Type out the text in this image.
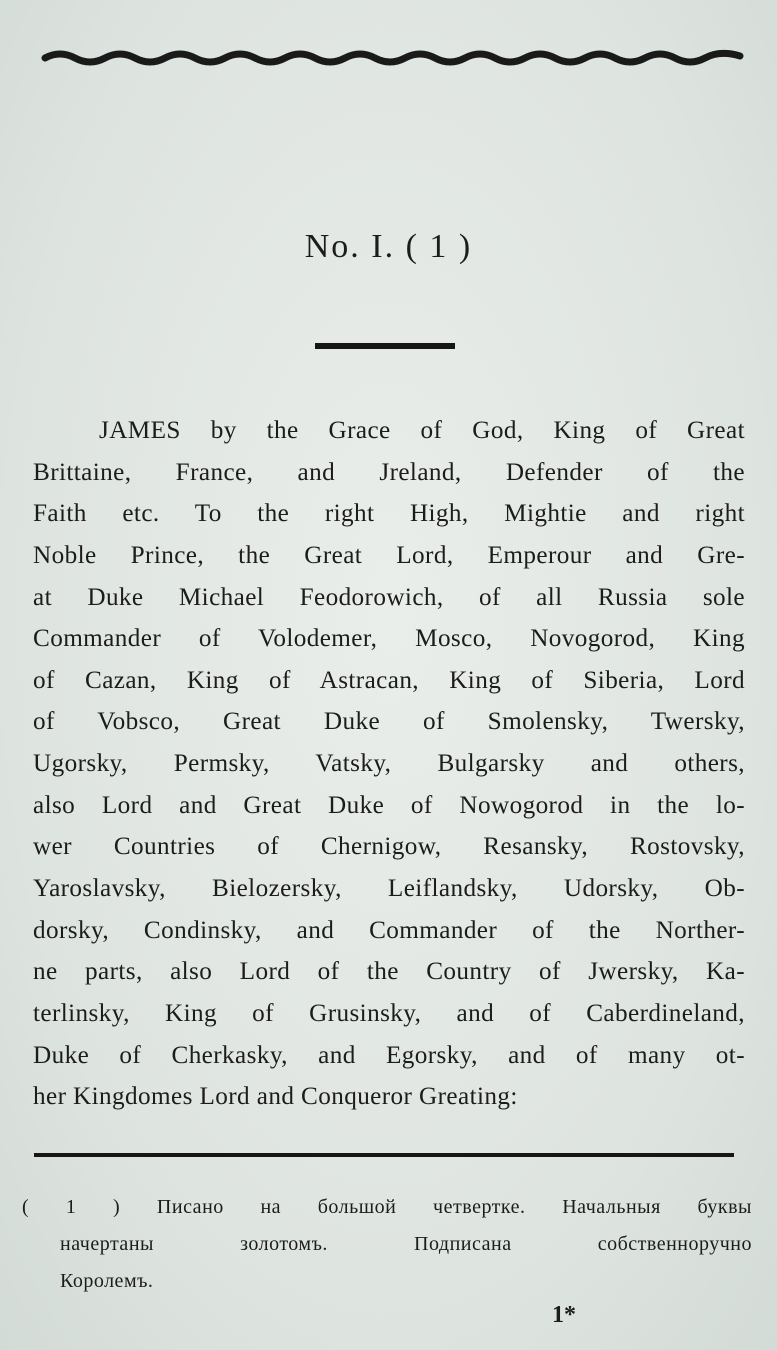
No. I. ( 1 )
JAMES by the Grace of God, King of Great
Brittaine, France, and Jreland, Defender of the
Faith etc. To the right High, Mightie and right
Noble Prince, the Great Lord, Emperour and Gre-
at Duke Michael Feodorowich, of all Russia sole
Commander of Volodemer, Mosco, Novogorod, King
of Cazan, King of Astracan, King of Siberia, Lord
of Vobsco, Great Duke of Smolensky, Twersky,
Ugorsky, Permsky, Vatsky, Bulgarsky and others,
also Lord and Great Duke of Nowogorod in the lo-
wer Countries of Chernigow, Resansky, Rostovsky,
Yaroslavsky, Bielozersky, Leiflandsky, Udorsky, Ob-
dorsky, Condinsky, and Commander of the Norther-
ne parts, also Lord of the Country of Jwersky, Ka-
terlinsky, King of Grusinsky, and of Caberdineland,
Duke of Cherkasky, and Egorsky, and of many ot-
her Kingdomes Lord and Conqueror Greating:
( 1 ) Писано на большой четвертке. Начальныя буквы
начертаны золотомъ. Подписана собственноручно
Королемъ.
1*
